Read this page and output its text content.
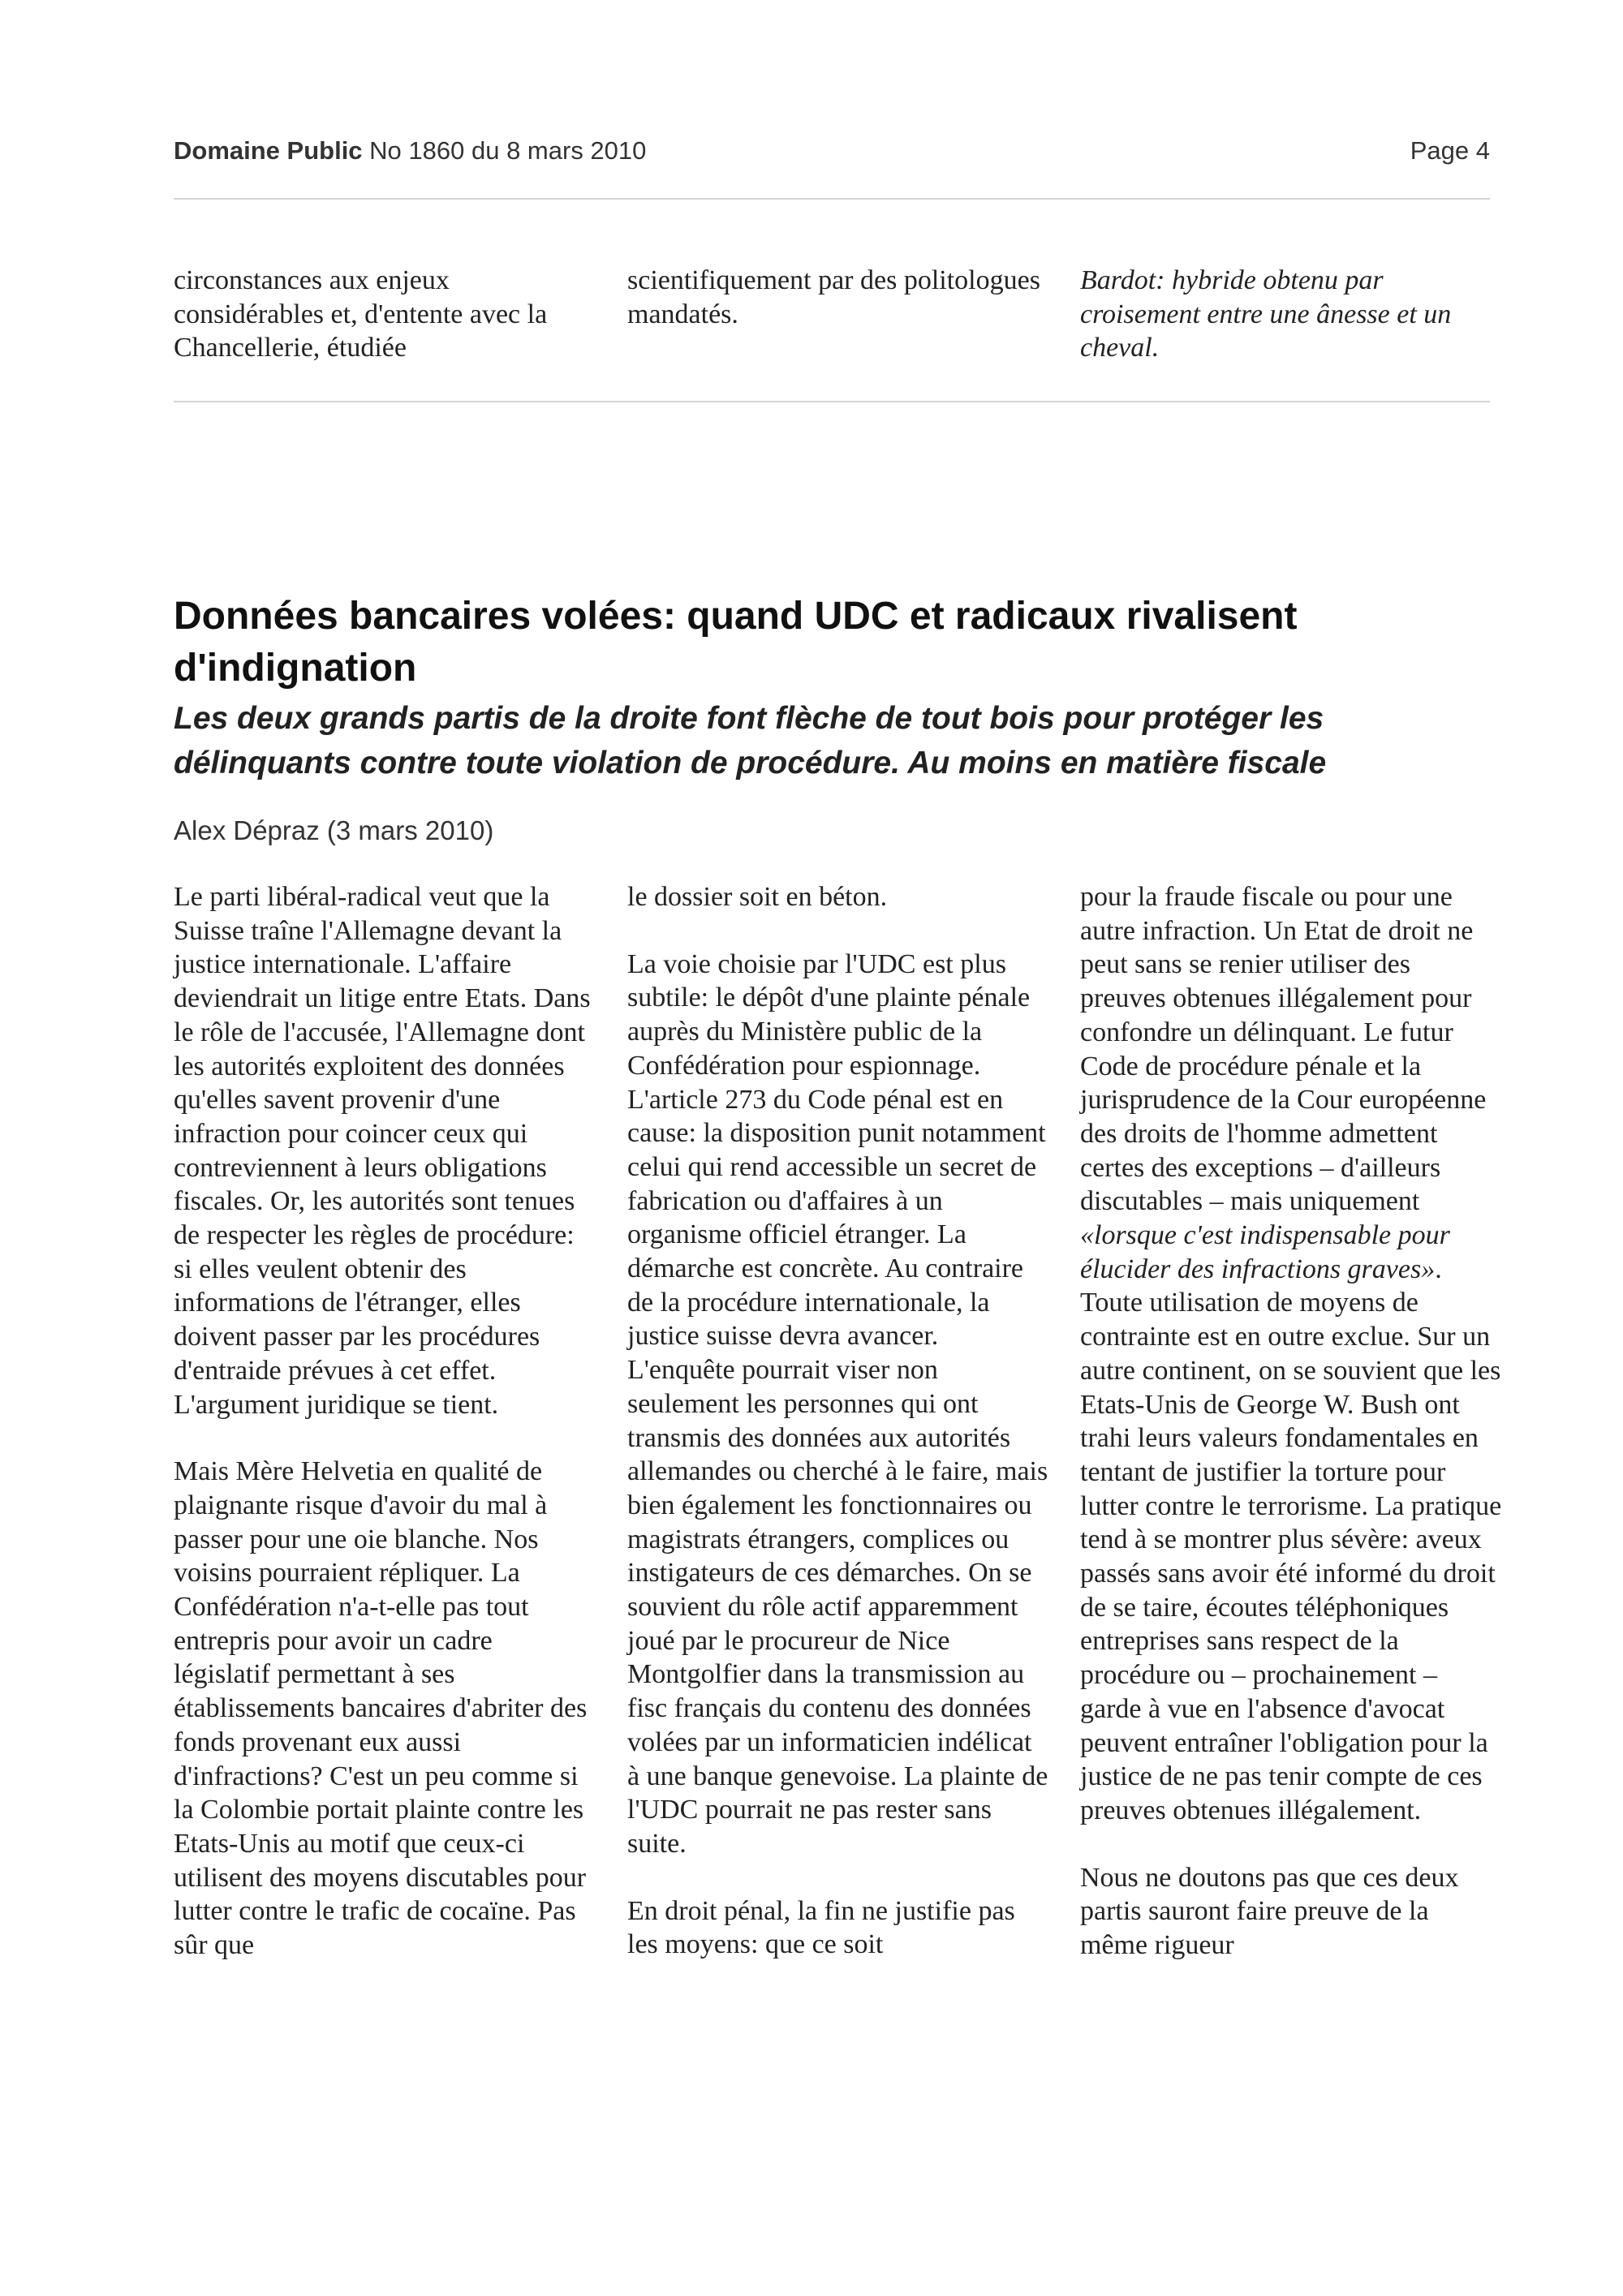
Domaine Public No 1860 du 8 mars 2010	Page 4

circonstances aux enjeux considérables et, d'entente avec la Chancellerie, étudiée

scientifiquement par des politologues mandatés.

Bardot: hybride obtenu par croisement entre une ânesse et un cheval.

Données bancaires volées: quand UDC et radicaux rivalisent d'indignation
Les deux grands partis de la droite font flèche de tout bois pour protéger les délinquants contre toute violation de procédure. Au moins en matière fiscale
Alex Dépraz (3 mars 2010)

Le parti libéral-radical veut que la Suisse traîne l'Allemagne devant la justice internationale. L'affaire deviendrait un litige entre Etats. Dans le rôle de l'accusée, l'Allemagne dont les autorités exploitent des données qu'elles savent provenir d'une infraction pour coincer ceux qui contreviennent à leurs obligations fiscales. Or, les autorités sont tenues de respecter les règles de procédure: si elles veulent obtenir des informations de l'étranger, elles doivent passer par les procédures d'entraide prévues à cet effet. L'argument juridique se tient.

Mais Mère Helvetia en qualité de plaignante risque d'avoir du mal à passer pour une oie blanche. Nos voisins pourraient répliquer. La Confédération n'a-t-elle pas tout entrepris pour avoir un cadre législatif permettant à ses établissements bancaires d'abriter des fonds provenant eux aussi d'infractions? C'est un peu comme si la Colombie portait plainte contre les Etats-Unis au motif que ceux-ci utilisent des moyens discutables pour lutter contre le trafic de cocaïne. Pas sûr que

le dossier soit en béton.

La voie choisie par l'UDC est plus subtile: le dépôt d'une plainte pénale auprès du Ministère public de la Confédération pour espionnage. L'article 273 du Code pénal est en cause: la disposition punit notamment celui qui rend accessible un secret de fabrication ou d'affaires à un organisme officiel étranger. La démarche est concrète. Au contraire de la procédure internationale, la justice suisse devra avancer. L'enquête pourrait viser non seulement les personnes qui ont transmis des données aux autorités allemandes ou cherché à le faire, mais bien également les fonctionnaires ou magistrats étrangers, complices ou instigateurs de ces démarches. On se souvient du rôle actif apparemment joué par le procureur de Nice Montgolfier dans la transmission au fisc français du contenu des données volées par un informaticien indélicat à une banque genevoise. La plainte de l'UDC pourrait ne pas rester sans suite.

En droit pénal, la fin ne justifie pas les moyens: que ce soit

pour la fraude fiscale ou pour une autre infraction. Un Etat de droit ne peut sans se renier utiliser des preuves obtenues illégalement pour confondre un délinquant. Le futur Code de procédure pénale et la jurisprudence de la Cour européenne des droits de l'homme admettent certes des exceptions – d'ailleurs discutables – mais uniquement «lorsque c'est indispensable pour élucider des infractions graves». Toute utilisation de moyens de contrainte est en outre exclue. Sur un autre continent, on se souvient que les Etats-Unis de George W. Bush ont trahi leurs valeurs fondamentales en tentant de justifier la torture pour lutter contre le terrorisme. La pratique tend à se montrer plus sévère: aveux passés sans avoir été informé du droit de se taire, écoutes téléphoniques entreprises sans respect de la procédure ou – prochainement – garde à vue en l'absence d'avocat peuvent entraîner l'obligation pour la justice de ne pas tenir compte de ces preuves obtenues illégalement.

Nous ne doutons pas que ces deux partis sauront faire preuve de la même rigueur
